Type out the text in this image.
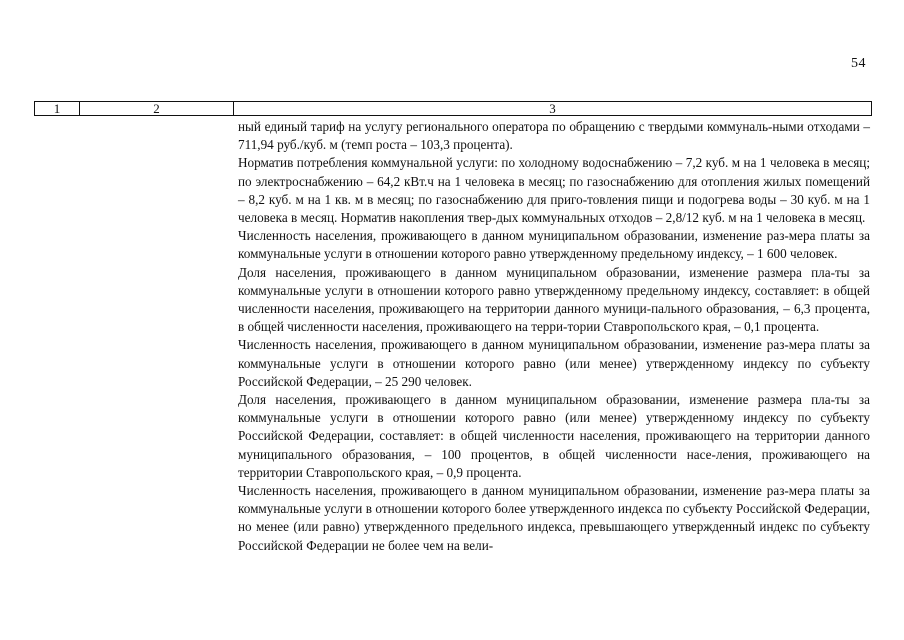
54
1	2	3

ный единый тариф на услугу регионального оператора по обращению с твердыми коммуналь-ными отходами – 711,94 руб./куб. м (темп роста – 103,3 процента).

Норматив потребления коммунальной услуги: по холодному водоснабжению – 7,2 куб. м на 1 человека в месяц; по электроснабжению – 64,2 кВт.ч на 1 человека в месяц; по газоснабжению для отопления жилых помещений – 8,2 куб. м на 1 кв. м в месяц; по газоснабжению для приго-товления пищи и подогрева воды – 30 куб. м на 1 человека в месяц. Норматив накопления твер-дых коммунальных отходов – 2,8/12 куб. м на 1 человека в месяц.

Численность населения, проживающего в данном муниципальном образовании, изменение раз-мера платы за коммунальные услуги в отношении которого равно утвержденному предельному индексу, – 1 600 человек.

Доля населения, проживающего в данном муниципальном образовании, изменение размера пла-ты за коммунальные услуги в отношении которого равно утвержденному предельному индексу, составляет: в общей численности населения, проживающего на территории данного муници-пального образования, – 6,3 процента, в общей численности населения, проживающего на терри-тории Ставропольского края, – 0,1 процента.

Численность населения, проживающего в данном муниципальном образовании, изменение раз-мера платы за коммунальные услуги в отношении которого равно (или менее) утвержденному индексу по субъекту Российской Федерации, – 25 290 человек.

Доля населения, проживающего в данном муниципальном образовании, изменение размера пла-ты за коммунальные услуги в отношении которого равно (или менее) утвержденному индексу по субъекту Российской Федерации, составляет: в общей численности населения, проживающего на территории данного муниципального образования, – 100 процентов, в общей численности насе-ления, проживающего на территории Ставропольского края, – 0,9 процента.

Численность населения, проживающего в данном муниципальном образовании, изменение раз-мера платы за коммунальные услуги в отношении которого более утвержденного индекса по субъекту Российской Федерации, но менее (или равно) утвержденного предельного индекса, превышающего утвержденный индекс по субъекту Российской Федерации не более чем на вели-
